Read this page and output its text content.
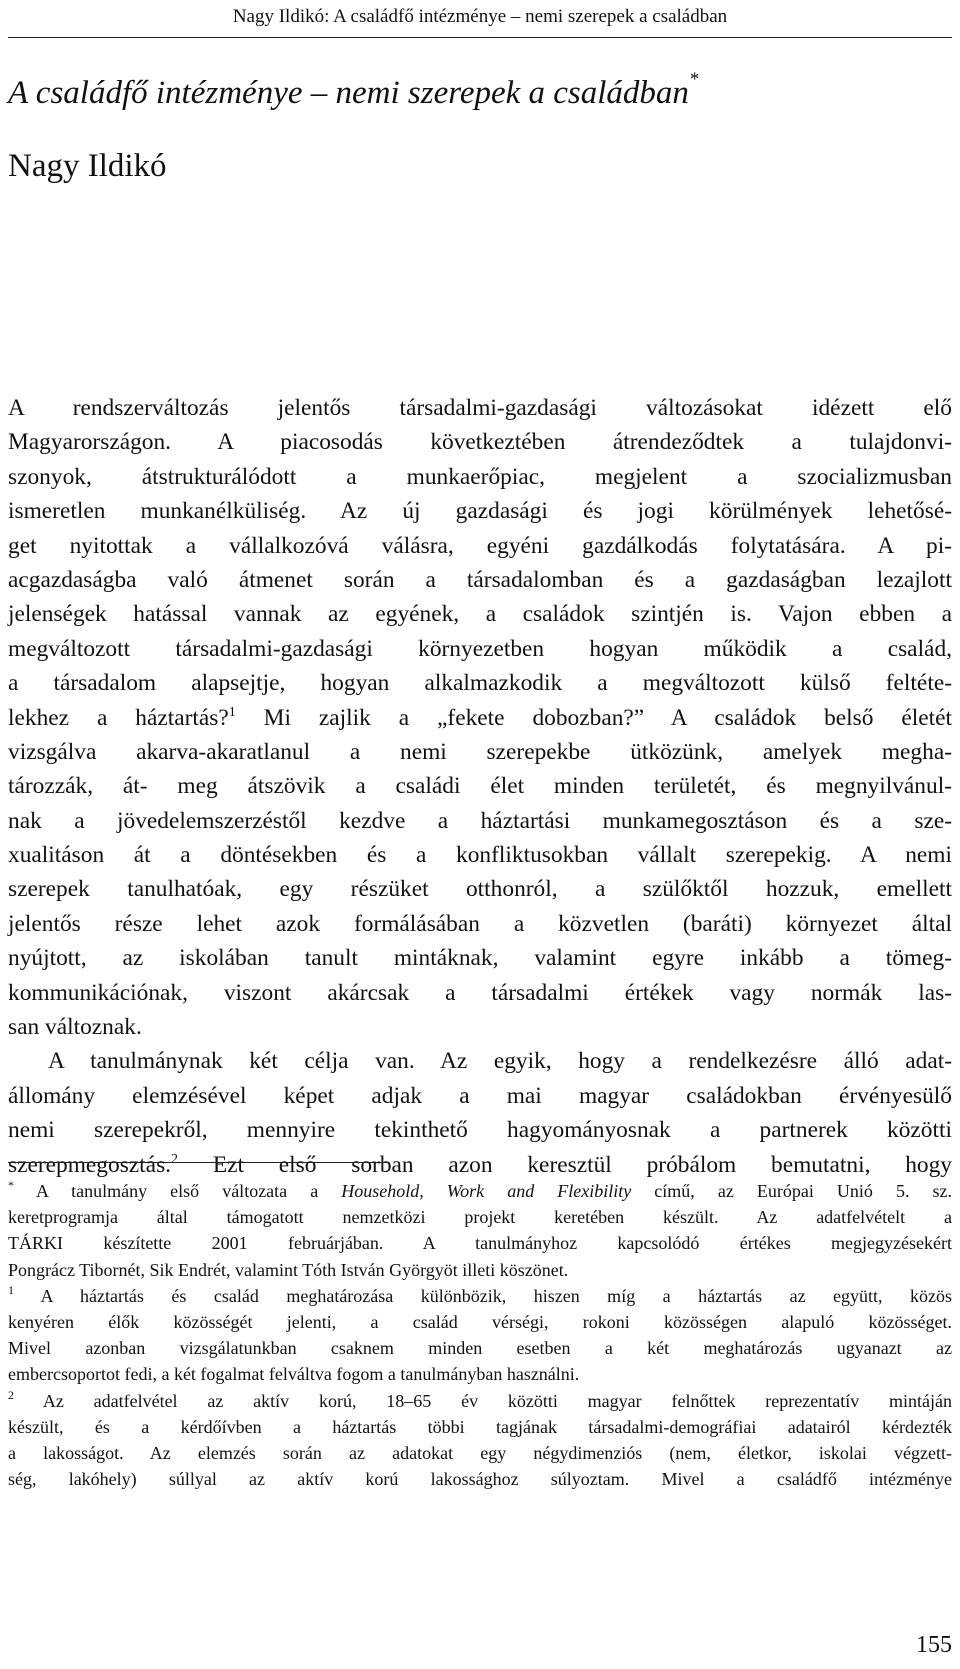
Nagy Ildikó: A családfő intézménye – nemi szerepek a családban
A családfő intézménye – nemi szerepek a családban*
Nagy Ildikó
A rendszerváltozás jelentős társadalmi-gazdasági változásokat idézett elő
Magyarországon. A piacosodás következtében átrendeződtek a tulajdonvi-
szonyok, átstrukturálódott a munkaerőpiac, megjelent a szocializmusban
ismeretlen munkanélküliség. Az új gazdasági és jogi körülmények lehetősé-
get nyitottak a vállalkozóvá válásra, egyéni gazdálkodás folytatására. A pi-
acgazdaságba való átmenet során a társadalomban és a gazdaságban lezajlott
jelenségek hatással vannak az egyének, a családok szintjén is. Vajon ebben a
megváltozott társadalmi-gazdasági környezetben hogyan működik a család,
a társadalom alapsejtje, hogyan alkalmazkodik a megváltozott külső feltéte-
lekhez a háztartás?$^1$ Mi zajlik a „fekete dobozban?” A családok belső életét
vizsgálva akarva-akaratlanul a nemi szerepekbe ütközünk, amelyek megha-
tározzák, át- meg átszövik a családi élet minden területét, és megnyilvánul-
nak a jövedelemszerzéstől kezdve a háztartási munkamegosztáson és a sze-
xualitáson át a döntésekben és a konfliktusokban vállalt szerepekig. A nemi
szerepek tanulhatóak, egy részüket otthonról, a szülőktől hozzuk, emellett
jelentős része lehet azok formálásában a közvetlen (baráti) környezet által
nyújtott, az iskolában tanult mintáknak, valamint egyre inkább a tömeg-
kommunikációnak, viszont akárcsak a társadalmi értékek vagy normák las-
san változnak.
A tanulmánynak két célja van. Az egyik, hogy a rendelkezésre álló adat-
állomány elemzésével képet adjak a mai magyar családokban érvényesülő
nemi szerepekről, mennyire tekinthető hagyományosnak a partnerek közötti
szerepmegosztás.$^2$ Ezt első sorban azon keresztül próbálom bemutatni, hogy
* A tanulmány első változata a Household, Work and Flexibility című, az Európai Unió 5. sz.
keretprogramja által támogatott nemzetközi projekt keretében készült. Az adatfelvételt a
TÁRKI készítette 2001 februárjában. A tanulmányhoz kapcsolódó értékes megjegyzésekért
Pongrácz Tibornét, Sik Endrét, valamint Tóth István Györgyöt illeti köszönet.
$^1$ A háztartás és család meghatározása különbözik, hiszen míg a háztartás az együtt, közös
kenyéren élők közösségét jelenti, a család vérségi, rokoni közösségen alapuló közösséget.
Mivel azonban vizsgálatunkban csaknem minden esetben a két meghatározás ugyanazt az
embercsoportot fedi, a két fogalmat felváltva fogom a tanulmányban használni.
$^2$ Az adatfelvétel az aktív korú, 18–65 év közötti magyar felnőttek reprezentatív mintáján
készült, és a kérdőívben a háztartás többi tagjának társadalmi-demográfiai adatairól kérdezték
a lakosságot. Az elemzés során az adatokat egy négydimenziós (nem, életkor, iskolai végzett-
ség, lakóhely) súllyal az aktív korú lakossághoz súlyoztam. Mivel a családfő intézménye
155
